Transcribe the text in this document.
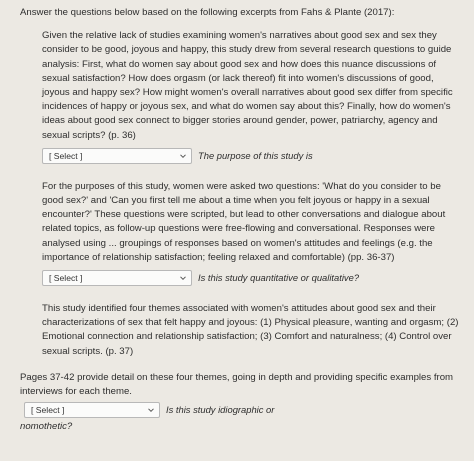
Answer the questions below based on the following excerpts from Fahs & Plante (2017):

Given the relative lack of studies examining women's narratives about good sex and sex they consider to be good, joyous and happy, this study drew from several research questions to guide analysis: First, what do women say about good sex and how does this nuance discussions of sexual satisfaction? How does orgasm (or lack thereof) fit into women's discussions of good, joyous and happy sex? How might women's overall narratives about good sex differ from specific incidences of happy or joyous sex, and what do women say about this? Finally, how do women's ideas about good sex connect to bigger stories around gender, power, patriarchy, agency and sexual scripts? (p. 36)

[ Select ]	The purpose of this study is

For the purposes of this study, women were asked two questions: 'What do you consider to be good sex?' and 'Can you first tell me about a time when you felt joyous or happy in a sexual encounter?' These questions were scripted, but lead to other conversations and dialogue about related topics, as follow-up questions were free-flowing and conversational. Responses were analysed using ... groupings of responses based on women's attitudes and feelings (e.g. the importance of relationship satisfaction; feeling relaxed and comfortable) (pp. 36-37)

[ Select ]	Is this study quantitative or qualitative?

This study identified four themes associated with women's attitudes about good sex and their characterizations of sex that felt happy and joyous: (1) Physical pleasure, wanting and orgasm; (2) Emotional connection and relationship satisfaction; (3) Comfort and naturalness; (4) Control over sexual scripts. (p. 37)

Pages 37-42 provide detail on these four themes, going in depth and providing specific examples from interviews for each theme.

[ Select ]	Is this study idiographic or

nomothetic?
